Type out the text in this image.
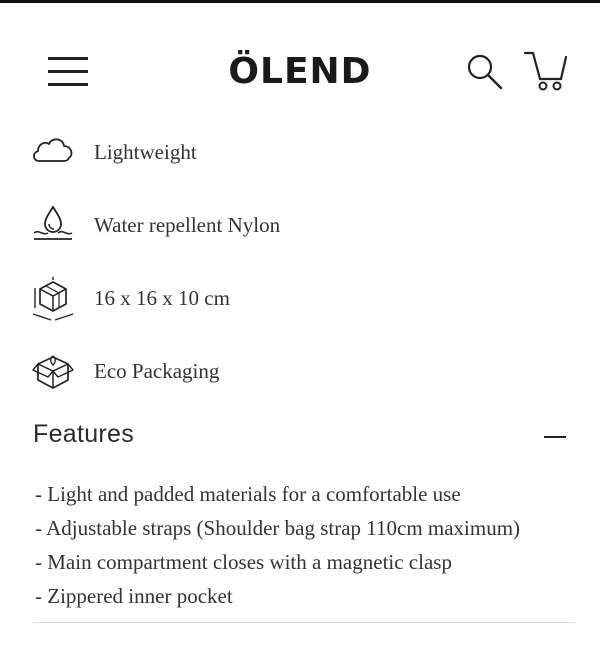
ÖLEND
Lightweight
Water repellent Nylon
16 x 16 x 10 cm
Eco Packaging
Features
- Light and padded materials for a comfortable use
- Adjustable straps (Shoulder bag strap 110cm maximum)
- Main compartment closes with a magnetic clasp
- Zippered inner pocket
